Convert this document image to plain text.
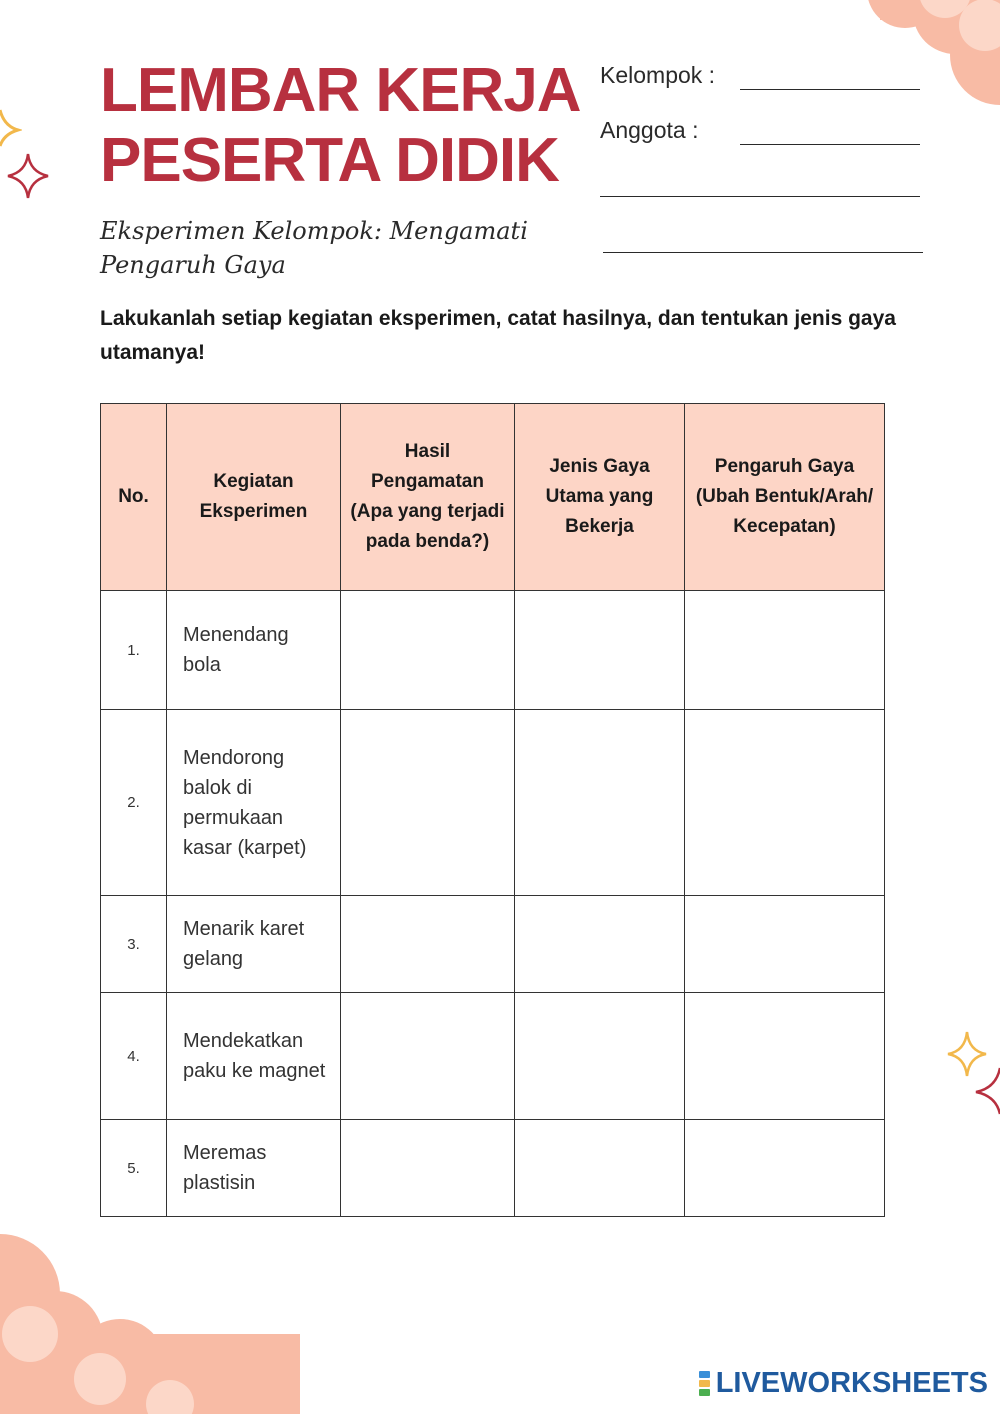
LEMBAR KERJA
PESERTA DIDIK
Eksperimen Kelompok: Mengamati Pengaruh Gaya
Kelompok :
Anggota :
Lakukanlah setiap kegiatan eksperimen, catat hasilnya, dan tentukan jenis gaya utamanya!
No.	Kegiatan Eksperimen	Hasil Pengamatan (Apa yang terjadi pada benda?)	Jenis Gaya Utama yang Bekerja	Pengaruh Gaya (Ubah Bentuk/Arah/ Kecepatan)
1.	Menendang bola			
2.	Mendorong balok di permukaan kasar (karpet)			
3.	Menarik karet gelang			
4.	Mendekatkan paku ke magnet			
5.	Meremas plastisin			
LIVEWORKSHEETS
